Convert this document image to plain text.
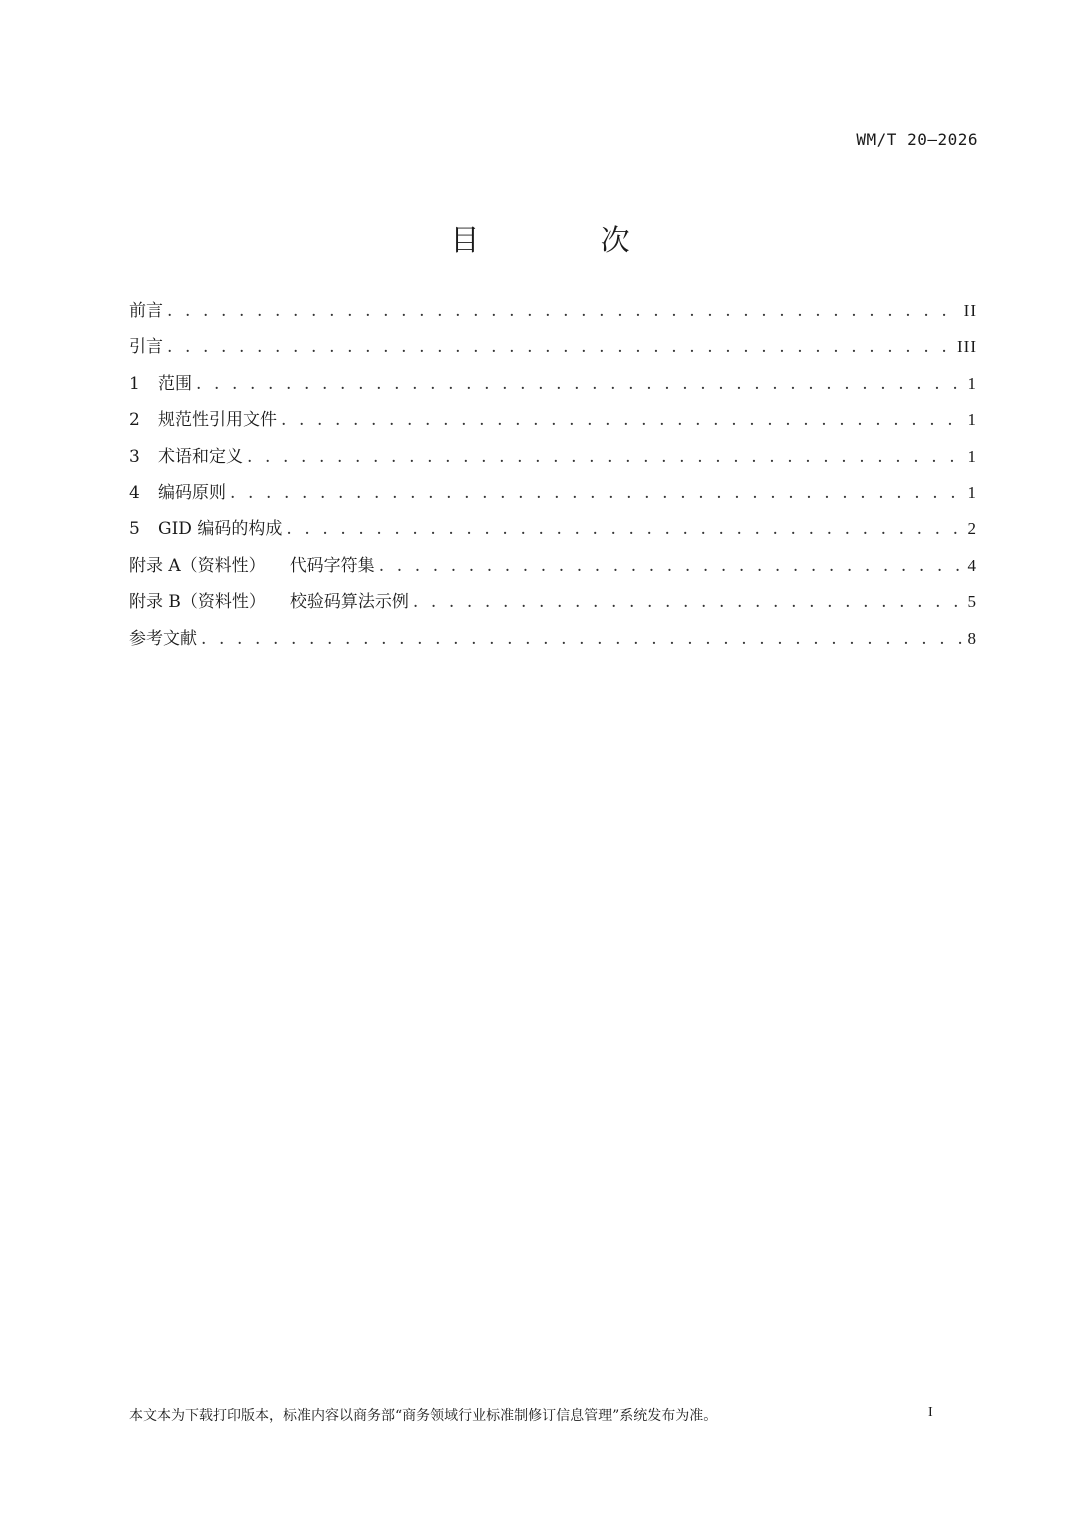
WM/T 20—2026
目 次
前言 . . .	II
引言 . . .	III
1 范围 . . .	1
2 规范性引用文件 . . .	1
3 术语和定义 . . .	1
4 编码原则 . . .	1
5 GID 编码的构成 . . .	2
附录 A（资料性） 代码字符集 . . .	4
附录 B（资料性） 校验码算法示例 . . .	5
参考文献 . . .	8
本文本为下载打印版本，标准内容以商务部“商务领域行业标准制修订信息管理”系统发布为准。	I
